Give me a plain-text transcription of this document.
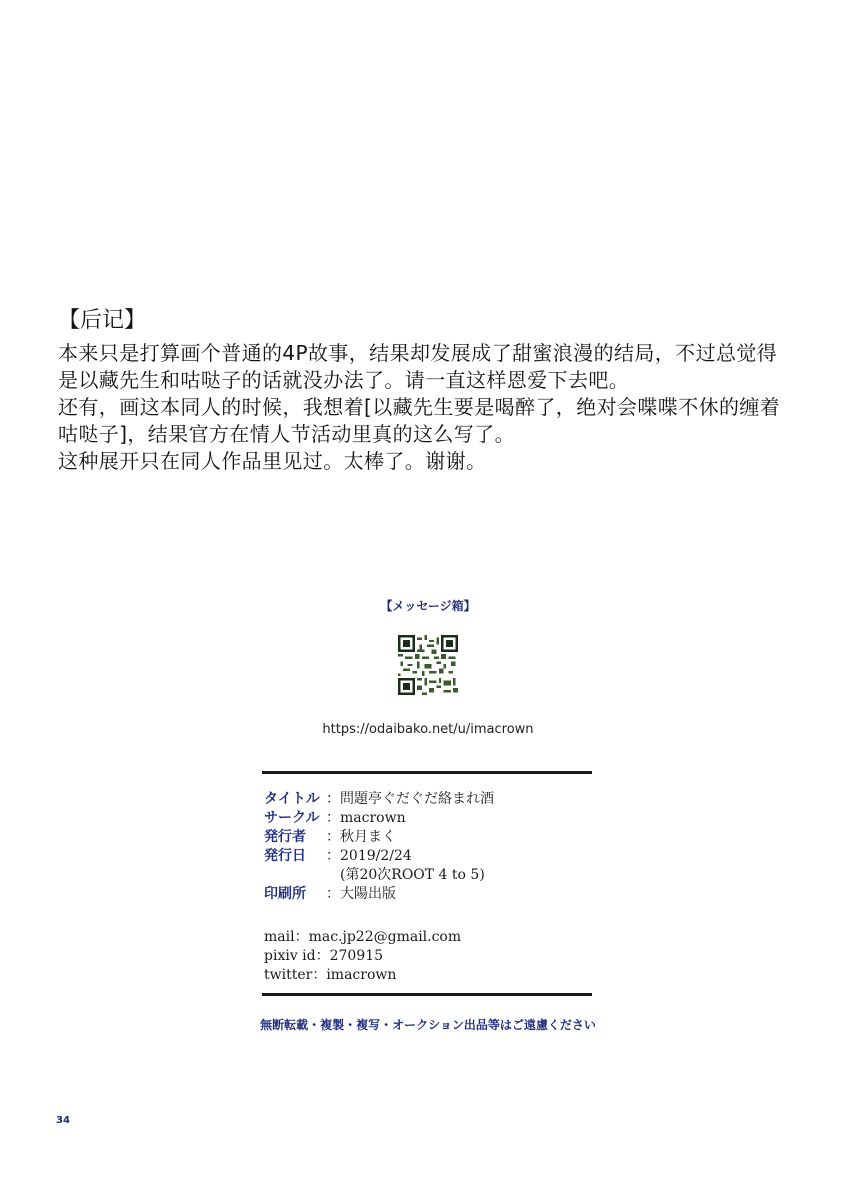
【后记】
本来只是打算画个普通的4P故事，结果却发展成了甜蜜浪漫的结局，不过总觉得
是以藏先生和咕哒子的话就没办法了。请一直这样恩爱下去吧。
还有，画这本同人的时候，我想着[以藏先生要是喝醉了，绝对会喋喋不休的缠着
咕哒子]，结果官方在情人节活动里真的这么写了。
这种展开只在同人作品里见过。太棒了。谢谢。
【メッセージ箱】
https://odaibako.net/u/imacrown
タイトル ： 問題亭ぐだぐだ絡まれ酒
サークル ： macrown
発行者	： 秋月まく
発行日	： 2019/2/24
(第20次ROOT 4 to 5)
印刷所	： 大陽出版
mail：mac.jp22@gmail.com
pixiv id：270915
twitter：imacrown
無断転載・複製・複写・オークション出品等はご遠慮ください
34
